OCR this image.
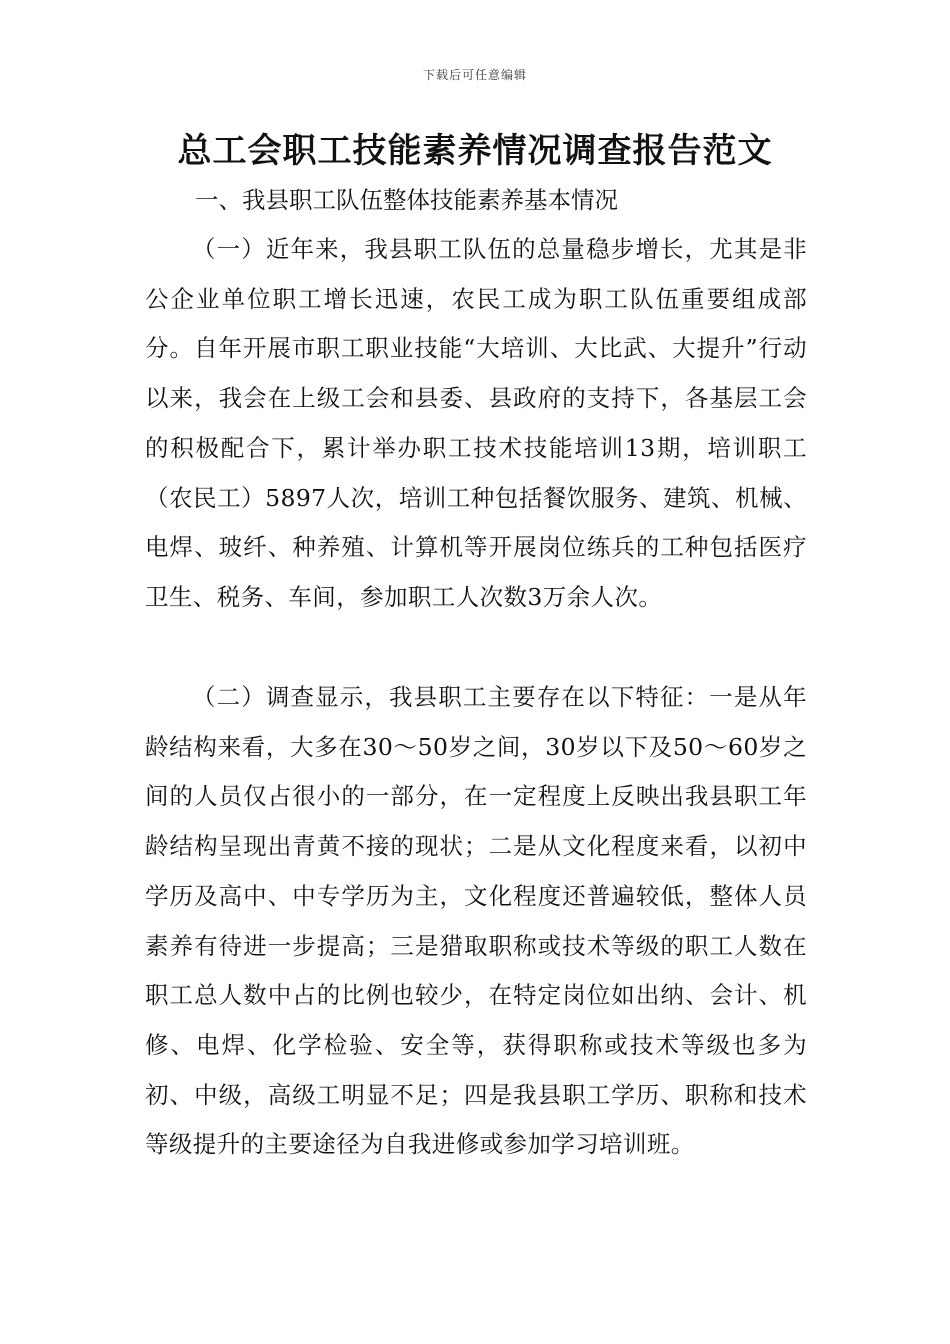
下载后可任意编辑
总工会职工技能素养情况调查报告范文

一、我县职工队伍整体技能素养基本情况

（一）近年来，我县职工队伍的总量稳步增长，尤其是非公企业单位职工增长迅速，农民工成为职工队伍重要组成部分。自年开展市职工职业技能“大培训、大比武、大提升”行动以来，我会在上级工会和县委、县政府的支持下，各基层工会的积极配合下，累计举办职工技术技能培训13期，培训职工（农民工）5897人次，培训工种包括餐饮服务、建筑、机械、电焊、玻纤、种养殖、计算机等开展岗位练兵的工种包括医疗卫生、税务、车间，参加职工人次数3万余人次。

（二）调查显示，我县职工主要存在以下特征：一是从年龄结构来看，大多在30～50岁之间，30岁以下及50～60岁之间的人员仅占很小的一部分，在一定程度上反映出我县职工年龄结构呈现出青黄不接的现状；二是从文化程度来看，以初中学历及高中、中专学历为主，文化程度还普遍较低，整体人员素养有待进一步提高；三是猎取职称或技术等级的职工人数在职工总人数中占的比例也较少，在特定岗位如出纳、会计、机修、电焊、化学检验、安全等，获得职称或技术等级也多为初、中级，高级工明显不足；四是我县职工学历、职称和技术等级提升的主要途径为自我进修或参加学习培训班。
